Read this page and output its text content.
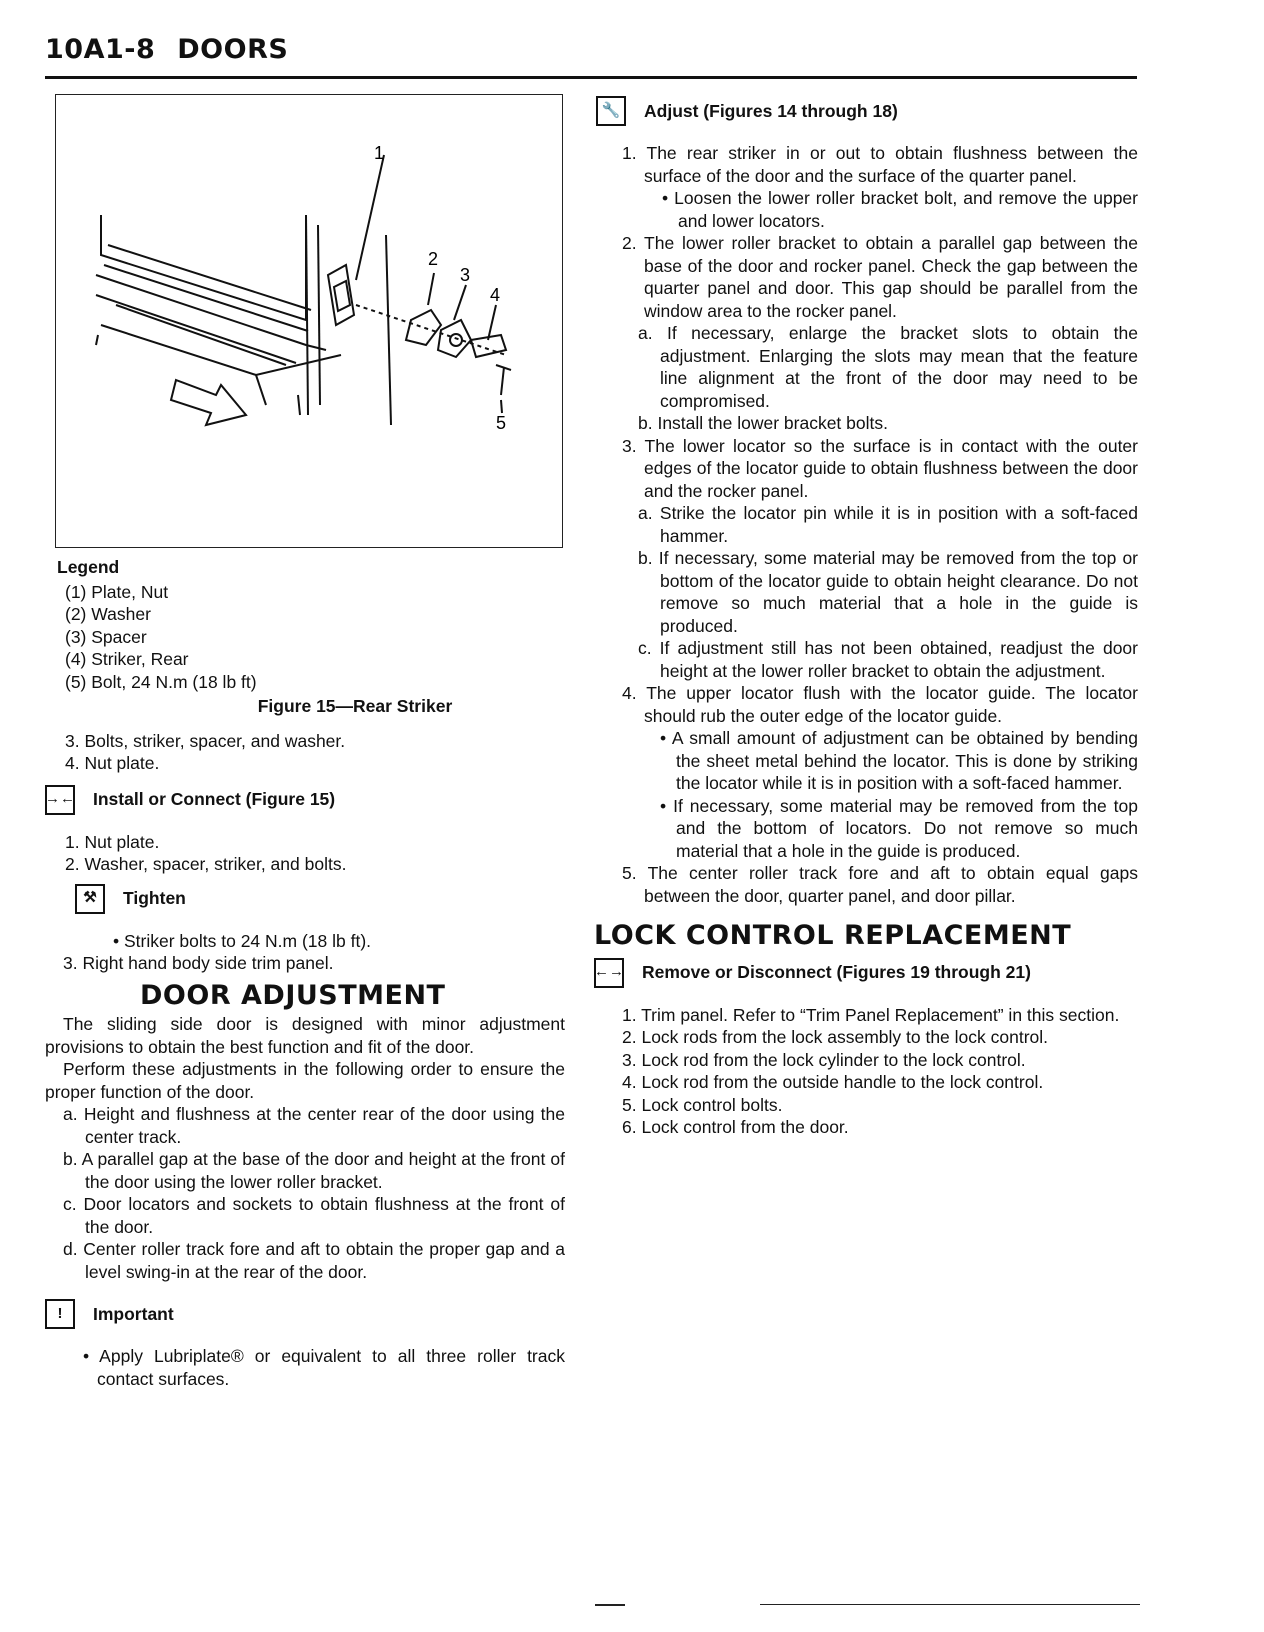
10A1-8 DOORS
1
2
3
4
5
Legend
(1) Plate, Nut
(2) Washer
(3) Spacer
(4) Striker, Rear
(5) Bolt, 24 N.m (18 lb ft)
Figure 15—Rear Striker
3. Bolts, striker, spacer, and washer.
4. Nut plate.
→← Install or Connect (Figure 15)
1. Nut plate.
2. Washer, spacer, striker, and bolts.
⚒	Tighten
• Striker bolts to 24 N.m (18 lb ft).
3. Right hand body side trim panel.
DOOR ADJUSTMENT

The sliding side door is designed with minor adjustment provisions to obtain the best function and fit of the door.

Perform these adjustments in the following order to ensure the proper function of the door.

a. Height and flushness at the center rear of the door using the center track.
b. A parallel gap at the base of the door and height at the front of the door using the lower roller bracket.
c. Door locators and sockets to obtain flushness at the front of the door.
d. Center roller track fore and aft to obtain the proper gap and a level swing-in at the rear of the door.
!	Important
• Apply Lubriplate® or equivalent to all three roller track contact surfaces.
🔧	Adjust (Figures 14 through 18)
1. The rear striker in or out to obtain flushness between the surface of the door and the surface of the quarter panel.
• Loosen the lower roller bracket bolt, and remove the upper and lower locators.
2. The lower roller bracket to obtain a parallel gap between the base of the door and rocker panel. Check the gap between the quarter panel and door. This gap should be parallel from the window area to the rocker panel.
a. If necessary, enlarge the bracket slots to obtain the adjustment. Enlarging the slots may mean that the feature line alignment at the front of the door may need to be compromised.
b. Install the lower bracket bolts.
3. The lower locator so the surface is in contact with the outer edges of the locator guide to obtain flushness between the door and the rocker panel.
a. Strike the locator pin while it is in position with a soft-faced hammer.
b. If necessary, some material may be removed from the top or bottom of the locator guide to obtain height clearance. Do not remove so much material that a hole in the guide is produced.
c. If adjustment still has not been obtained, readjust the door height at the lower roller bracket to obtain the adjustment.
4. The upper locator flush with the locator guide. The locator should rub the outer edge of the locator guide.
• A small amount of adjustment can be obtained by bending the sheet metal behind the locator. This is done by striking the locator while it is in position with a soft-faced hammer.
• If necessary, some material may be removed from the top and the bottom of locators. Do not remove so much material that a hole in the guide is produced.
5. The center roller track fore and aft to obtain equal gaps between the door, quarter panel, and door pillar.
LOCK CONTROL REPLACEMENT
←→ Remove or Disconnect (Figures 19 through 21)
1. Trim panel. Refer to “Trim Panel Replacement” in this section.
2. Lock rods from the lock assembly to the lock control.
3. Lock rod from the lock cylinder to the lock control.
4. Lock rod from the outside handle to the lock control.
5. Lock control bolts.
6. Lock control from the door.
